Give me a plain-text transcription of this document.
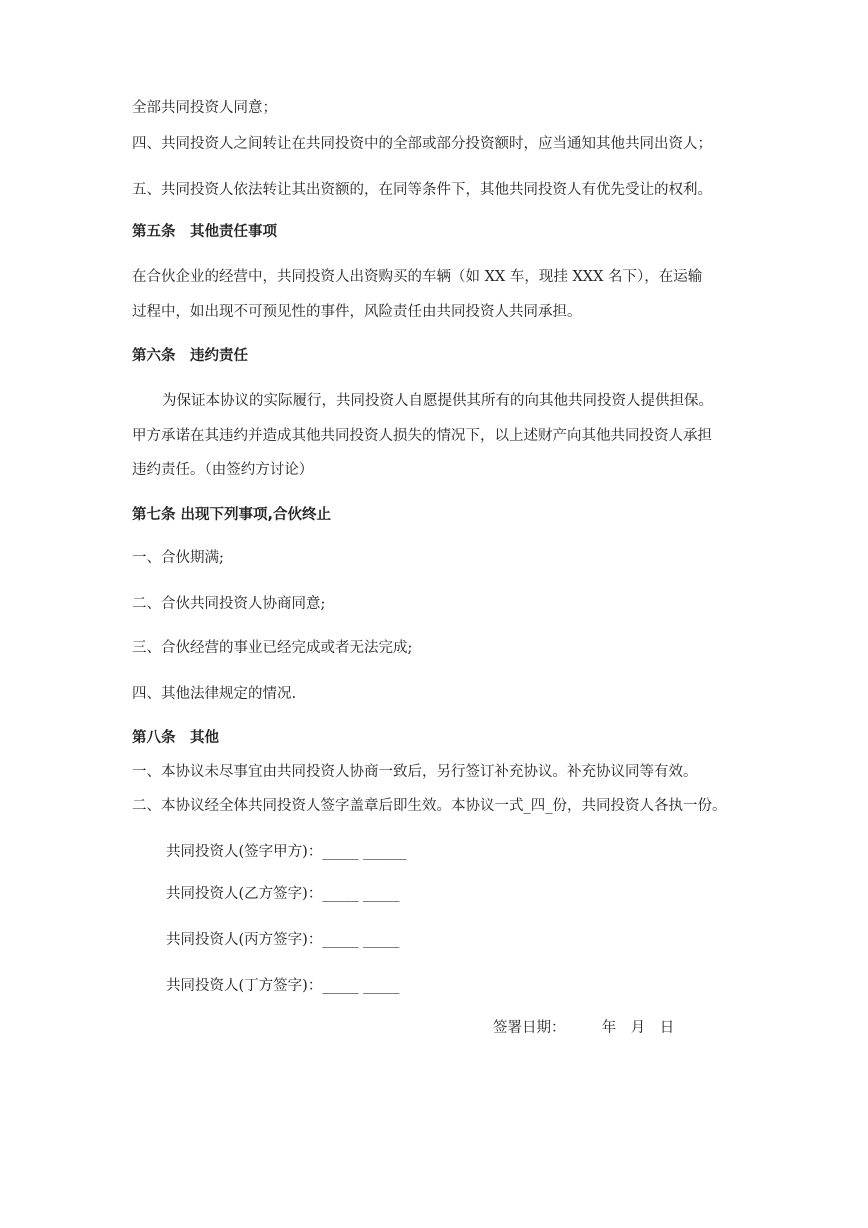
全部共同投资人同意；
四、共同投资人之间转让在共同投资中的全部或部分投资额时，应当通知其他共同出资人；
五、共同投资人依法转让其出资额的，在同等条件下，其他共同投资人有优先受让的权利。
第五条　其他责任事项
在合伙企业的经营中，共同投资人出资购买的车辆（如 XX 车，现挂 XXX 名下），在运输
过程中，如出现不可预见性的事件，风险责任由共同投资人共同承担。
第六条　违约责任
为保证本协议的实际履行，共同投资人自愿提供其所有的向其他共同投资人提供担保。
甲方承诺在其违约并造成其他共同投资人损失的情况下，以上述财产向其他共同投资人承担
违约责任。（由签约方讨论）
第七条 出现下列事项,合伙终止
一、合伙期满;
二、合伙共同投资人协商同意;
三、合伙经营的事业已经完成或者无法完成;
四、其他法律规定的情况.
第八条　其他
一、本协议未尽事宜由共同投资人协商一致后，另行签订补充协议。补充协议同等有效。
二、本协议经全体共同投资人签字盖章后即生效。本协议一式_四_份，共同投资人各执一份。
共同投资人(签字甲方)：_____ ______
共同投资人(乙方签字)：_____ _____
共同投资人(丙方签字)：_____ _____
共同投资人(丁方签字)：_____ _____
签署日期：　　　年　月　日
